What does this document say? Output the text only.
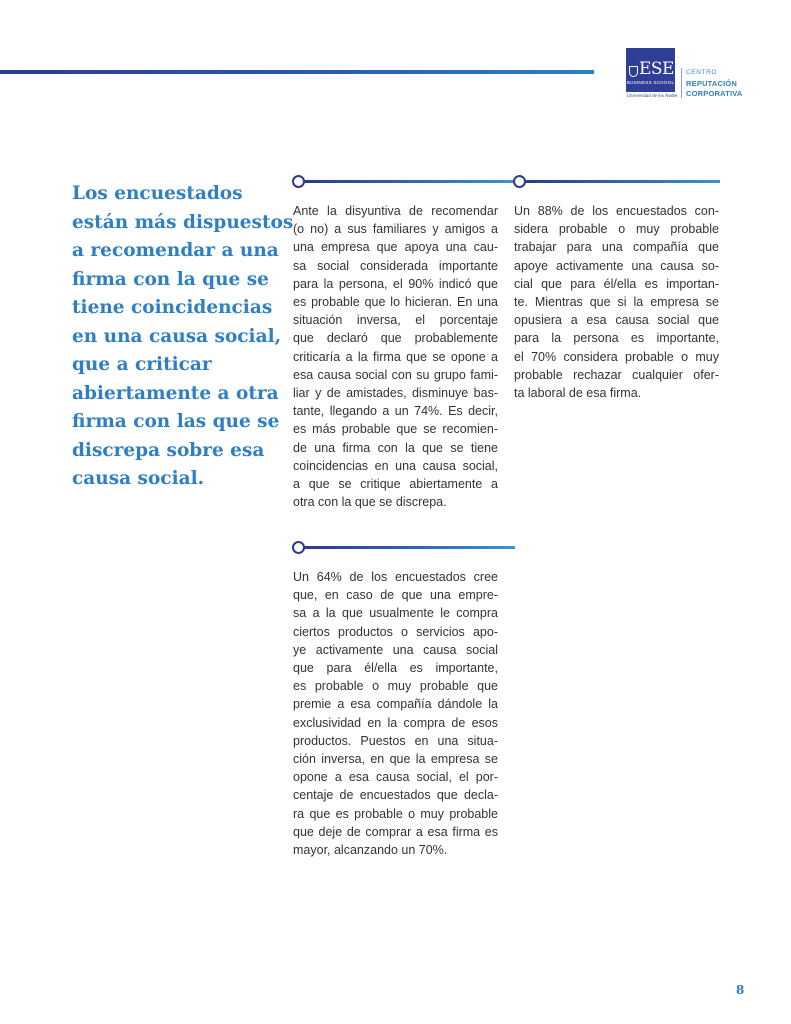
ESE
BUSINESS SCHOOL
Universidad de los Andes
CENTRO
REPUTACIÓN
CORPORATIVA
Los encuestados
están más dispuestos
a recomendar a una
firma con la que se
tiene coincidencias
en una causa social,
que a criticar
abiertamente a otra
firma con las que se
discrepa sobre esa
causa social.
Ante la disyuntiva de recomendar
(o no) a sus familiares y amigos a
una empresa que apoya una cau-
sa social considerada importante
para la persona, el 90% indicó que
es probable que lo hicieran. En una
situación inversa, el porcentaje
que declaró que probablemente
criticaría a la firma que se opone a
esa causa social con su grupo fami-
liar y de amistades, disminuye bas-
tante, llegando a un 74%. Es decir,
es más probable que se recomien-
de una firma con la que se tiene
coincidencias en una causa social,
a que se critique abiertamente a
otra con la que se discrepa.
Un 88% de los encuestados con-
sidera probable o muy probable
trabajar para una compañía que
apoye activamente una causa so-
cial que para él/ella es importan-
te. Mientras que si la empresa se
opusiera a esa causa social que
para la persona es importante,
el 70% considera probable o muy
probable rechazar cualquier ofer-
ta laboral de esa firma.
Un 64% de los encuestados cree
que, en caso de que una empre-
sa a la que usualmente le compra
ciertos productos o servicios apo-
ye activamente una causa social
que para él/ella es importante,
es probable o muy probable que
premie a esa compañía dándole la
exclusividad en la compra de esos
productos. Puestos en una situa-
ción inversa, en que la empresa se
opone a esa causa social, el por-
centaje de encuestados que decla-
ra que es probable o muy probable
que deje de comprar a esa firma es
mayor, alcanzando un 70%.
8
